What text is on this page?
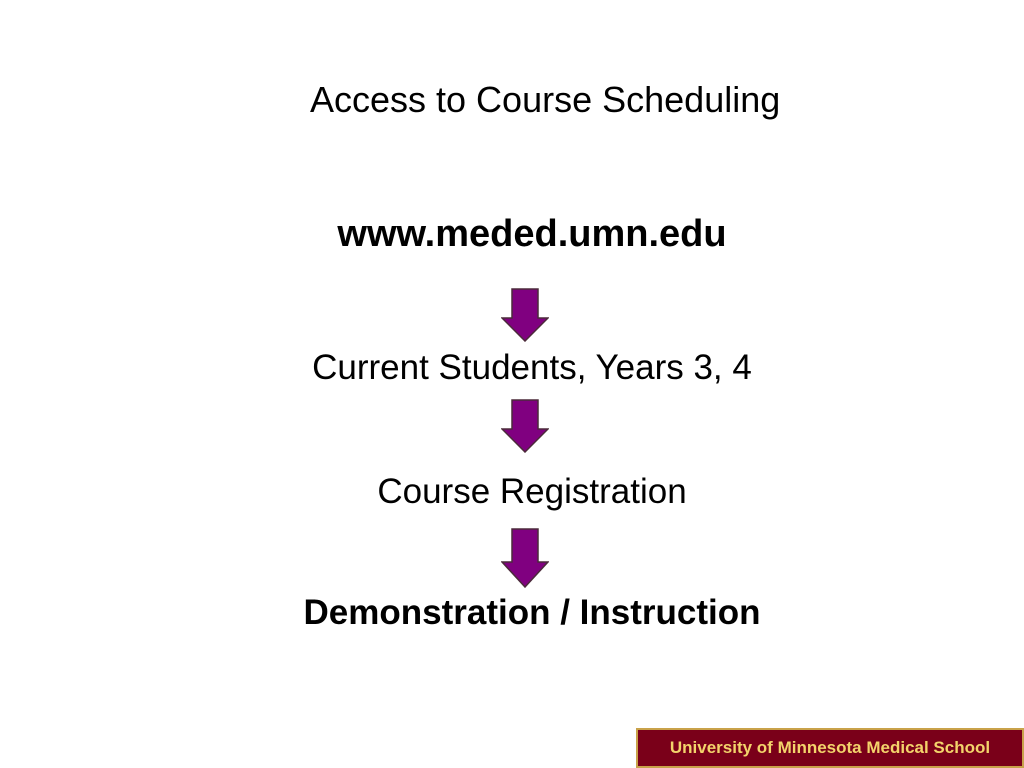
Access to Course Scheduling
www.meded.umn.edu
Current Students, Years 3, 4
Course Registration
Demonstration / Instruction
University of Minnesota Medical School
